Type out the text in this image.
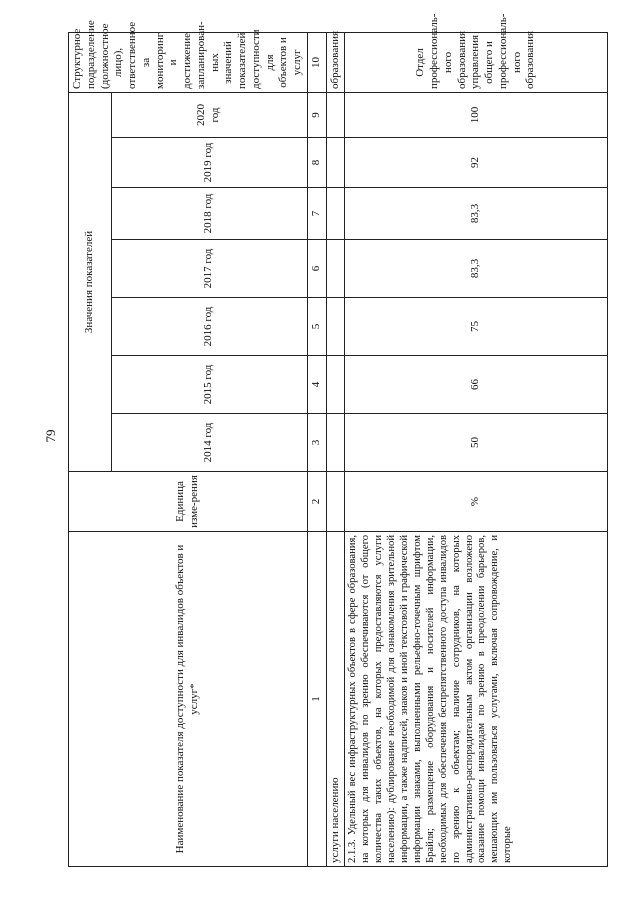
79
Наименование показателя доступности для инвалидов объектов и услуг*	Единица изме-рения	Значения показателей							Структурное подразделение (должностное лицо), ответственное за мониторинг и достижение запланирован-ных значений показателей доступности для объектов и услуг
		2014 год	2015 год	2016 год	2017 год	2018 год	2019 год	2020 год	
1	2	3	4	5	6	7	8	9	10
услуги населению									образования
2.1.3. Удельный вес инфраструктурных объектов в сфере образования, на которых для инвалидов по зрению обеспечиваются (от общего количества таких объектов, на которых предоставляются услуги населению): дублирование необходимой для ознакомления зрительной информации, а также надписей, знаков и иной текстовой и графической информации знаками, выполненными рельефно-точечным шрифтом Брайля; размещение оборудования и носителей информации, необходимых для обеспечения беспрепятственного доступа инвалидов по зрению к объектам; наличие сотрудников, на которых административно-распорядительным актом организации возложено оказание помощи инвалидам по зрению в преодолении барьеров, мешающих им пользоваться услугами, включая сопровождение, и которые	%	50	66	75	83,3	83,3	92	100	Отдел профессиональ-ного образования управления общего и профессиональ-ного образования
